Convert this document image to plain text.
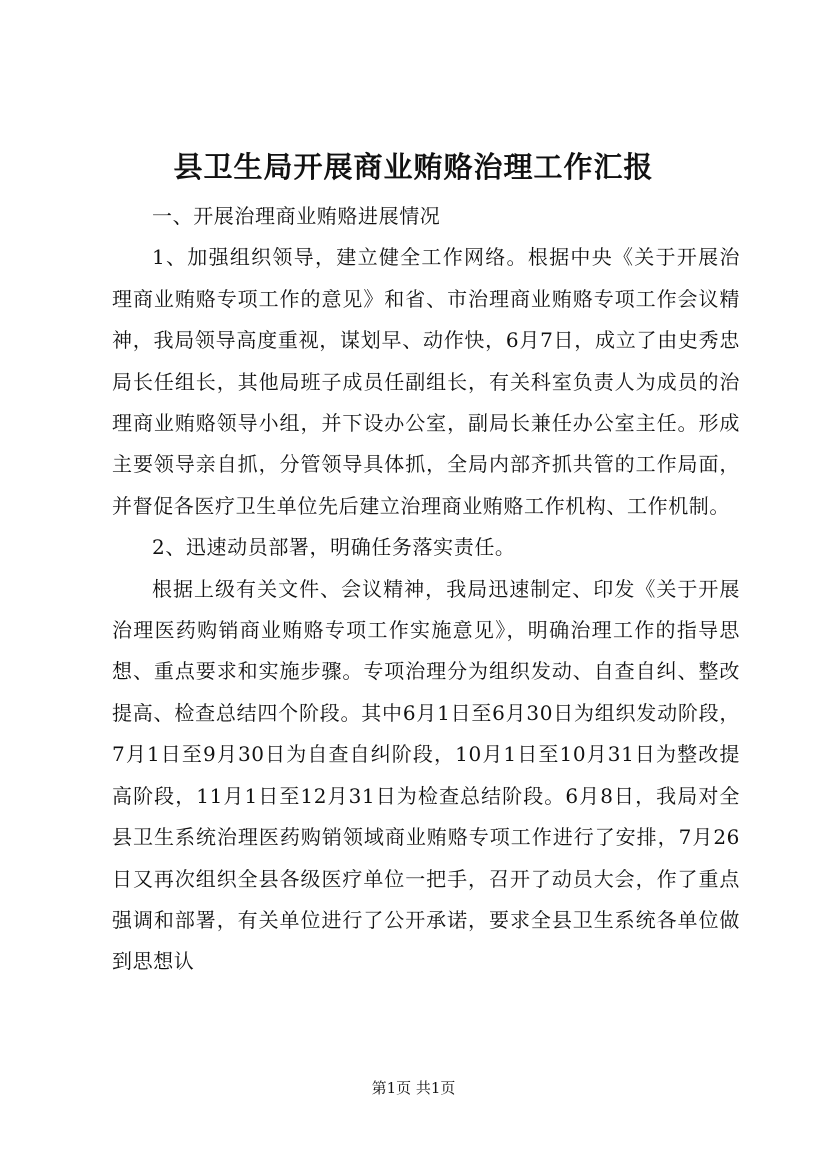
县卫生局开展商业贿赂治理工作汇报

一、开展治理商业贿赂进展情况

1、加强组织领导，建立健全工作网络。根据中央《关于开展治理商业贿赂专项工作的意见》和省、市治理商业贿赂专项工作会议精神，我局领导高度重视，谋划早、动作快，6月7日，成立了由史秀忠局长任组长，其他局班子成员任副组长，有关科室负责人为成员的治理商业贿赂领导小组，并下设办公室，副局长兼任办公室主任。形成主要领导亲自抓，分管领导具体抓，全局内部齐抓共管的工作局面，并督促各医疗卫生单位先后建立治理商业贿赂工作机构、工作机制。

2、迅速动员部署，明确任务落实责任。

根据上级有关文件、会议精神，我局迅速制定、印发《关于开展治理医药购销商业贿赂专项工作实施意见》，明确治理工作的指导思想、重点要求和实施步骤。专项治理分为组织发动、自查自纠、整改提高、检查总结四个阶段。其中6月1日至6月30日为组织发动阶段，7月1日至9月30日为自查自纠阶段，10月1日至10月31日为整改提高阶段，11月1日至12月31日为检查总结阶段。6月8日，我局对全县卫生系统治理医药购销领域商业贿赂专项工作进行了安排，7月26日又再次组织全县各级医疗单位一把手，召开了动员大会，作了重点强调和部署，有关单位进行了公开承诺，要求全县卫生系统各单位做到思想认

第1页 共1页
